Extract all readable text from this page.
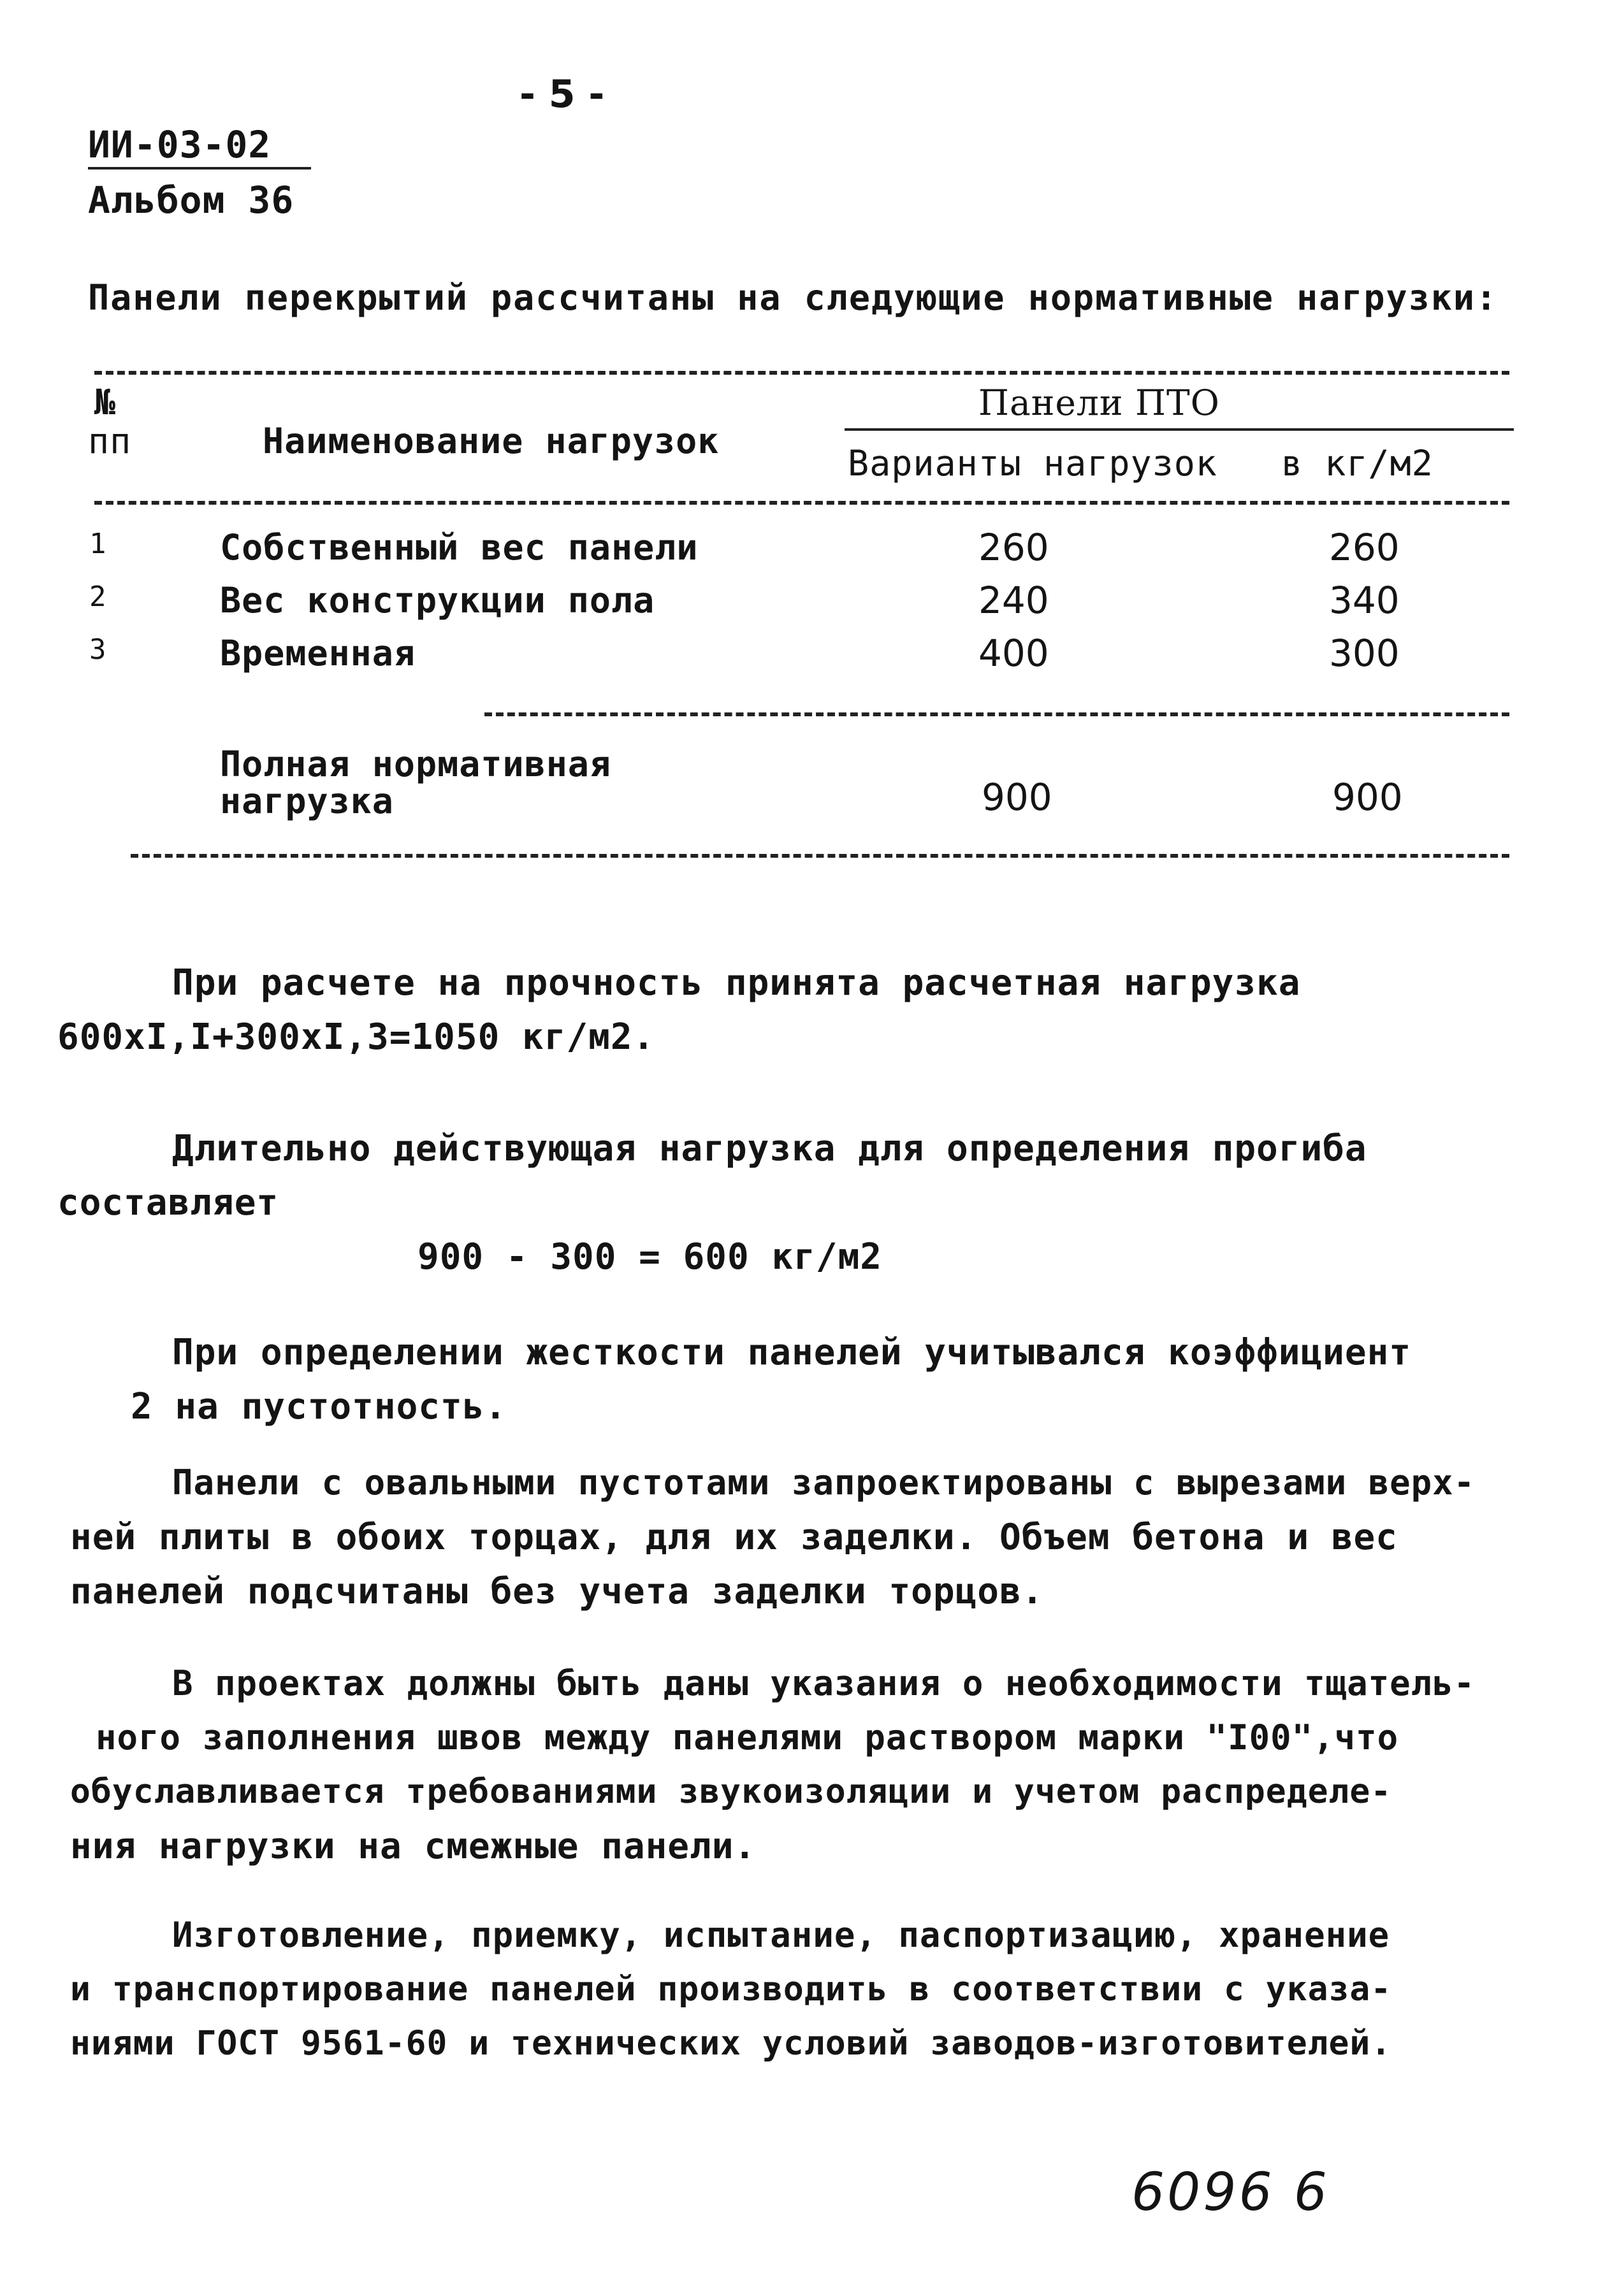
- 5 -
ИИ-03-02
Альбом 36
Панели перекрытий рассчитаны на следующие нормативные нагрузки:
№
пп	Наименование нагрузок
Панели ПТО
Варианты нагрузок в кг/м2
1	Собственный вес панели	260	260
2	Вес конструкции пола	240	340
3	Временная	400	300
Полная нормативная
нагрузка	900	900
При расчете на прочность принята расчетная нагрузка
600хI,I+300хI,3=1050 кг/м2.
Длительно действующая нагрузка для определения прогиба
составляет
900 - 300 = 600 кг/м2
При определении жесткости панелей учитывался коэффициент
2 на пустотность.
Панели с овальными пустотами запроектированы с вырезами верх-
ней плиты в обоих торцах, для их заделки. Объем бетона и вес
панелей подсчитаны без учета заделки торцов.
В проектах должны быть даны указания о необходимости тщатель-
ного заполнения швов между панелями раствором марки "I00",что
обуславливается требованиями звукоизоляции и учетом распределе-
ния нагрузки на смежные панели.
Изготовление, приемку, испытание, паспортизацию, хранение
и транспортирование панелей производить в соответствии с указа-
ниями ГОСТ 9561-60 и технических условий заводов-изготовителей.
6096 6
